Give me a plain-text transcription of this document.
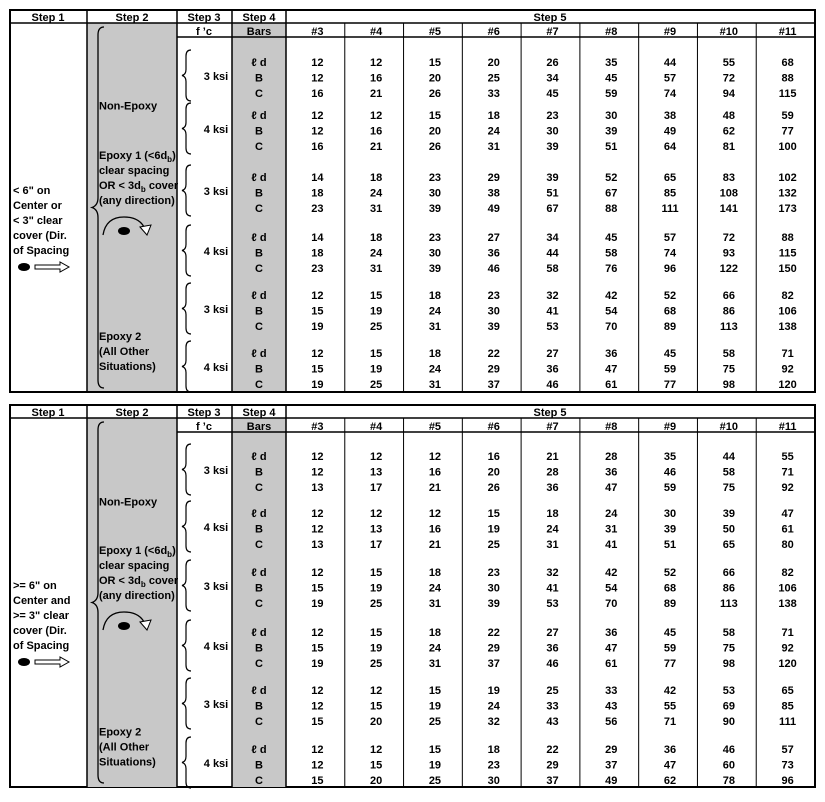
Step 1	Step 2	Step 3 Step 4	Step 5
f ’c	Bars	#3	#4	#5	#6	#7	#8	#9	#10	#11
< 6" on
Center or
< 3" clear
cover (Dir.
of Spacing
Non-Epoxy
3 ksi
ℓ d	12	12	15	20	26	35	44	55	68
B	12	16	20	25	34	45	57	72	88
C	16	21	26	33	45	59	74	94	115
4 ksi
ℓ d	12	12	15	18	23	30	38	48	59
B	12	16	20	24	30	39	49	62	77
C	16	21	26	31	39	51	64	81	100
Epoxy 1 $(<6d_b)$
clear spacing
OR < $3d_b$ cover
(any direction)
3 ksi
ℓ d	14	18	23	29	39	52	65	83	102
B	18	24	30	38	51	67	85	108	132
C	23	31	39	49	67	88	111	141	173
4 ksi
ℓ d	14	18	23	27	34	45	57	72	88
B	18	24	30	36	44	58	74	93	115
C	23	31	39	46	58	76	96	122	150
Epoxy 2
(All Other
Situations)
3 ksi
ℓ d	12	15	18	23	32	42	52	66	82
B	15	19	24	30	41	54	68	86	106
C	19	25	31	39	53	70	89	113	138
4 ksi
ℓ d	12	15	18	22	27	36	45	58	71
B	15	19	24	29	36	47	59	75	92
C	19	25	31	37	46	61	77	98	120
Step 1	Step 2	Step 3 Step 4	Step 5
f ’c	Bars	#3	#4	#5	#6	#7	#8	#9	#10	#11
>= 6" on
Center and
>= 3" clear
cover (Dir.
of Spacing
Non-Epoxy
3 ksi
ℓ d	12	12	12	16	21	28	35	44	55
B	12	13	16	20	28	36	46	58	71
C	13	17	21	26	36	47	59	75	92
4 ksi
ℓ d	12	12	12	15	18	24	30	39	47
B	12	13	16	19	24	31	39	50	61
C	13	17	21	25	31	41	51	65	80
Epoxy 1 $(<6d_b)$
clear spacing
OR < $3d_b$ cover
(any direction)
3 ksi
ℓ d	12	15	18	23	32	42	52	66	82
B	15	19	24	30	41	54	68	86	106
C	19	25	31	39	53	70	89	113	138
4 ksi
ℓ d	12	15	18	22	27	36	45	58	71
B	15	19	24	29	36	47	59	75	92
C	19	25	31	37	46	61	77	98	120
Epoxy 2
(All Other
Situations)
3 ksi
ℓ d	12	12	15	19	25	33	42	53	65
B	12	15	19	24	33	43	55	69	85
C	15	20	25	32	43	56	71	90	111
4 ksi
ℓ d	12	12	15	18	22	29	36	46	57
B	12	15	19	23	29	37	47	60	73
C	15	20	25	30	37	49	62	78	96
